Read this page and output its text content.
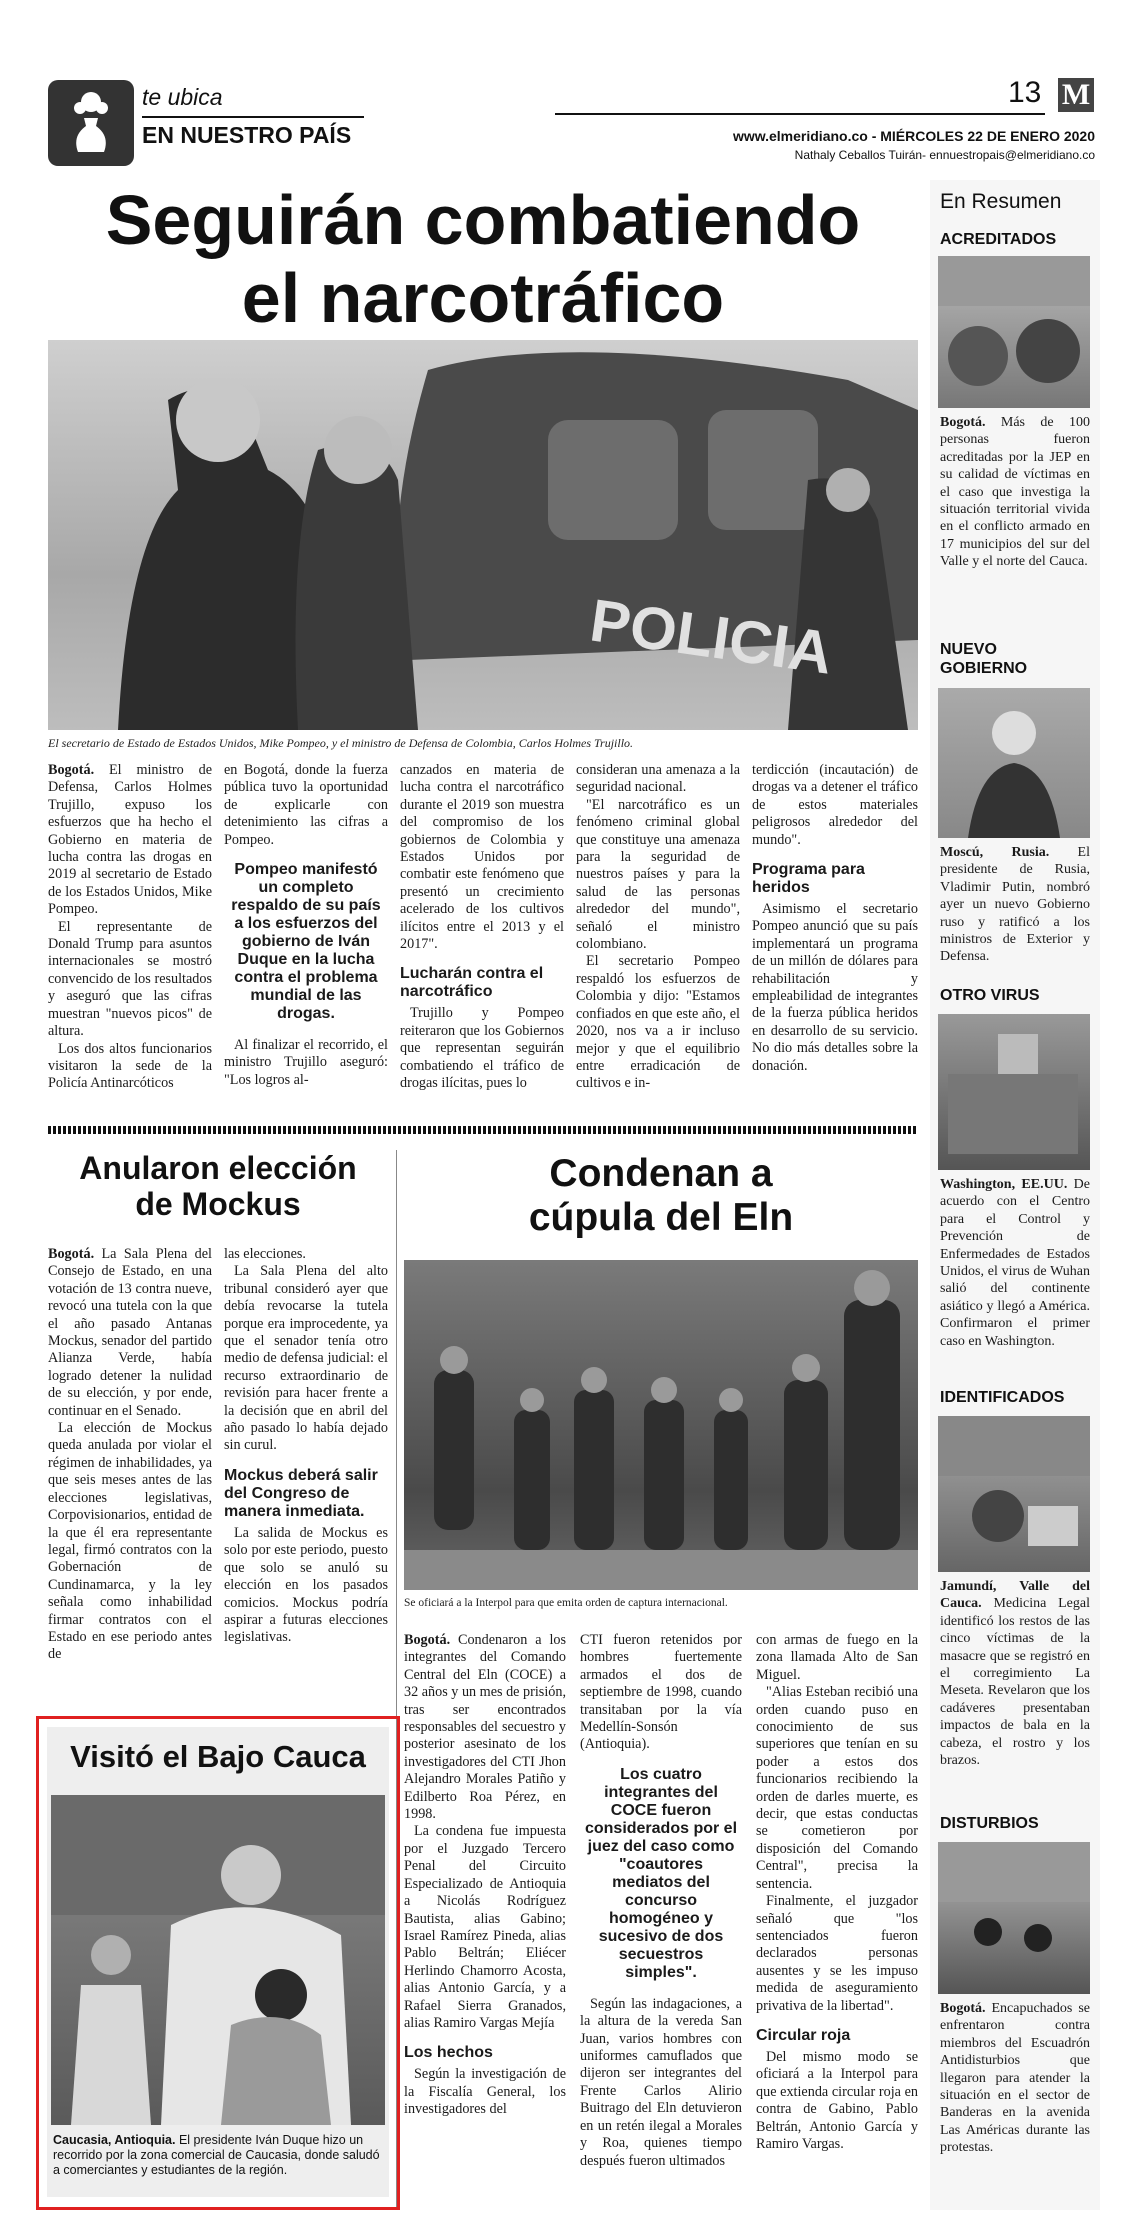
te ubica
EN NUESTRO PAÍS
13 M
www.elmeridiano.co - MIÉRCOLES 22 DE ENERO 2020
Nathaly Ceballos Tuirán- ennuestropais@elmeridiano.co
Seguirán combatiendo
el narcotráfico
POLICIA
El secretario de Estado de Estados Unidos, Mike Pompeo, y el ministro de Defensa de Colombia, Carlos Holmes Trujillo.

Bogotá. El ministro de Defensa, Carlos Holmes Trujillo, expuso los esfuerzos que ha hecho el Gobierno en materia de lucha contra las drogas en 2019 al secretario de Estado de los Estados Unidos, Mike Pompeo.

El representante de Donald Trump para asuntos internacionales se mostró convencido de los resultados y aseguró que las cifras muestran "nuevos picos" de altura.

Los dos altos funcionarios visitaron la sede de la Policía Antinarcóticos

en Bogotá, donde la fuerza pública tuvo la oportunidad de explicarle con detenimiento las cifras a Pompeo.

Pompeo manifestó un completo respaldo de su país a los esfuerzos del gobierno de Iván Duque en la lucha contra el problema mundial de las drogas.

Al finalizar el recorrido, el ministro Trujillo aseguró: "Los logros al-

canzados en materia de lucha contra el narcotráfico durante el 2019 son muestra del compromiso de los gobiernos de Colombia y Estados Unidos por combatir este fenómeno que presentó un crecimiento acelerado de los cultivos ilícitos entre el 2013 y el 2017".

Lucharán contra el narcotráfico

Trujillo y Pompeo reiteraron que los Gobiernos que representan seguirán combatiendo el tráfico de drogas ilícitas, pues lo

consideran una amenaza a la seguridad nacional.

"El narcotráfico es un fenómeno criminal global que constituye una amenaza para la seguridad de nuestros países y para la salud de las personas alrededor del mundo", señaló el ministro colombiano.

El secretario Pompeo respaldó los esfuerzos de Colombia y dijo: "Estamos confiados en que este año, el 2020, nos va a ir incluso mejor y que el equilibrio entre erradicación de cultivos e in-

terdicción (incautación) de drogas va a detener el tráfico de estos materiales peligrosos alrededor del mundo".

Programa para heridos

Asimismo el secretario Pompeo anunció que su país implementará un programa de un millón de dólares para rehabilitación y empleabilidad de integrantes de la fuerza pública heridos en desarrollo de su servicio. No dio más detalles sobre la donación.

Anularon elección
de Mockus

Bogotá. La Sala Plena del Consejo de Estado, en una votación de 13 contra nueve, revocó una tutela con la que el año pasado Antanas Mockus, senador del partido Alianza Verde, había logrado detener la nulidad de su elección, y por ende, continuar en el Senado.

La elección de Mockus queda anulada por violar el régimen de inhabilidades, ya que seis meses antes de las elecciones legislativas, Corpovisionarios, entidad de la que él era representante legal, firmó contratos con la Gobernación de Cundinamarca, y la ley señala como inhabilidad firmar contratos con el Estado en ese periodo antes de

las elecciones.

La Sala Plena del alto tribunal consideró ayer que debía revocarse la tutela porque era improcedente, ya que el senador tenía otro medio de defensa judicial: el recurso extraordinario de revisión para hacer frente a la decisión que en abril del año pasado lo había dejado sin curul.

Mockus deberá salir del Congreso de manera inmediata.

La salida de Mockus es solo por este periodo, puesto que solo se anuló su elección en los pasados comicios. Mockus podría aspirar a futuras elecciones legislativas.

Visitó el Bajo Cauca
Caucasia, Antioquia. El presidente Iván Duque hizo un recorrido por la zona comercial de Caucasia, donde saludó a comerciantes y estudiantes de la región.
Condenan a
cúpula del Eln
Se oficiará a la Interpol para que emita orden de captura internacional.

Bogotá. Condenaron a los integrantes del Comando Central del Eln (COCE) a 32 años y un mes de prisión, tras ser encontrados responsables del secuestro y posterior asesinato de los investigadores del CTI Jhon Alejandro Morales Patiño y Edilberto Roa Pérez, en 1998.

La condena fue impuesta por el Juzgado Tercero Penal del Circuito Especializado de Antioquia a Nicolás Rodríguez Bautista, alias Gabino; Israel Ramírez Pineda, alias Pablo Beltrán; Eliécer Herlindo Chamorro Acosta, alias Antonio García, y a Rafael Sierra Granados, alias Ramiro Vargas Mejía

Los hechos

Según la investigación de la Fiscalía General, los investigadores del

CTI fueron retenidos por hombres fuertemente armados el dos de septiembre de 1998, cuando transitaban por la vía Medellín-Sonsón (Antioquia).

Los cuatro integrantes del COCE fueron considerados por el juez del caso como "coautores mediatos del concurso homogéneo y sucesivo de dos secuestros simples".

Según las indagaciones, a la altura de la vereda San Juan, varios hombres con uniformes camuflados que dijeron ser integrantes del Frente Carlos Alirio Buitrago del Eln detuvieron en un retén ilegal a Morales y Roa, quienes tiempo después fueron ultimados

con armas de fuego en la zona llamada Alto de San Miguel.

"Alias Esteban recibió una orden cuando puso en conocimiento de sus superiores que tenían en su poder a estos dos funcionarios recibiendo la orden de darles muerte, es decir, que estas conductas se cometieron por disposición del Comando Central", precisa la sentencia.

Finalmente, el juzgador señaló que "los sentenciados fueron declarados personas ausentes y se les impuso medida de aseguramiento privativa de la libertad".

Circular roja

Del mismo modo se oficiará a la Interpol para que extienda circular roja en contra de Gabino, Pablo Beltrán, Antonio García y Ramiro Vargas.

En Resumen
ACREDITADOS
Bogotá. Más de 100 personas fueron acreditadas por la JEP en su calidad de víctimas en el caso que investiga la situación territorial vivida en el conflicto armado en 17 municipios del sur del Valle y el norte del Cauca.
NUEVO GOBIERNO
Moscú, Rusia. El presidente de Rusia, Vladimir Putin, nombró ayer un nuevo Gobierno ruso y ratificó a los ministros de Exterior y Defensa.
OTRO VIRUS
Washington, EE.UU. De acuerdo con el Centro para el Control y Prevención de Enfermedades de Estados Unidos, el virus de Wuhan salió del continente asiático y llegó a América. Confirmaron el primer caso en Washington.
IDENTIFICADOS
Jamundí, Valle del Cauca. Medicina Legal identificó los restos de las cinco víctimas de la masacre que se registró en el corregimiento La Meseta. Revelaron que los cadáveres presentaban impactos de bala en la cabeza, el rostro y los brazos.
DISTURBIOS
Bogotá. Encapuchados se enfrentaron contra miembros del Escuadrón Antidisturbios que llegaron para atender la situación en el sector de Banderas en la avenida Las Américas durante las protestas.
